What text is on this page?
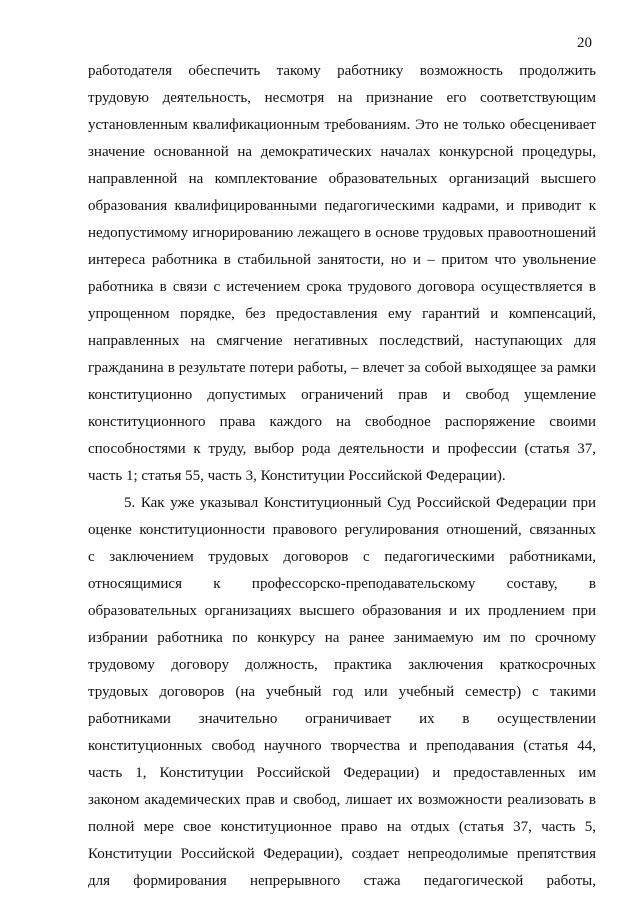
20
работодателя обеспечить такому работнику возможность продолжить
трудовую деятельность, несмотря на признание его соответствующим
установленным квалификационным требованиям. Это не только обесценивает
значение основанной на демократических началах конкурсной процедуры,
направленной на комплектование образовательных организаций высшего
образования квалифицированными педагогическими кадрами, и приводит к
недопустимому игнорированию лежащего в основе трудовых правоотношений
интереса работника в стабильной занятости, но и – притом что увольнение
работника в связи с истечением срока трудового договора осуществляется в
упрощенном порядке, без предоставления ему гарантий и компенсаций,
направленных на смягчение негативных последствий, наступающих для
гражданина в результате потери работы, – влечет за собой выходящее за рамки
конституционно допустимых ограничений прав и свобод ущемление
конституционного права каждого на свободное распоряжение своими
способностями к труду, выбор рода деятельности и профессии (статья 37,
часть 1; статья 55, часть 3, Конституции Российской Федерации).
5. Как уже указывал Конституционный Суд Российской Федерации при
оценке конституционности правового регулирования отношений, связанных
с заключением трудовых договоров с педагогическими работниками,
относящимися к профессорско-преподавательскому составу, в
образовательных организациях высшего образования и их продлением при
избрании работника по конкурсу на ранее занимаемую им по срочному
трудовому договору должность, практика заключения краткосрочных
трудовых договоров (на учебный год или учебный семестр) с такими
работниками значительно ограничивает их в осуществлении
конституционных свобод научного творчества и преподавания (статья 44,
часть 1, Конституции Российской Федерации) и предоставленных им
законом академических прав и свобод, лишает их возможности реализовать в
полной мере свое конституционное право на отдых (статья 37, часть 5,
Конституции Российской Федерации), создает непреодолимые препятствия
для формирования непрерывного стажа педагогической работы,
